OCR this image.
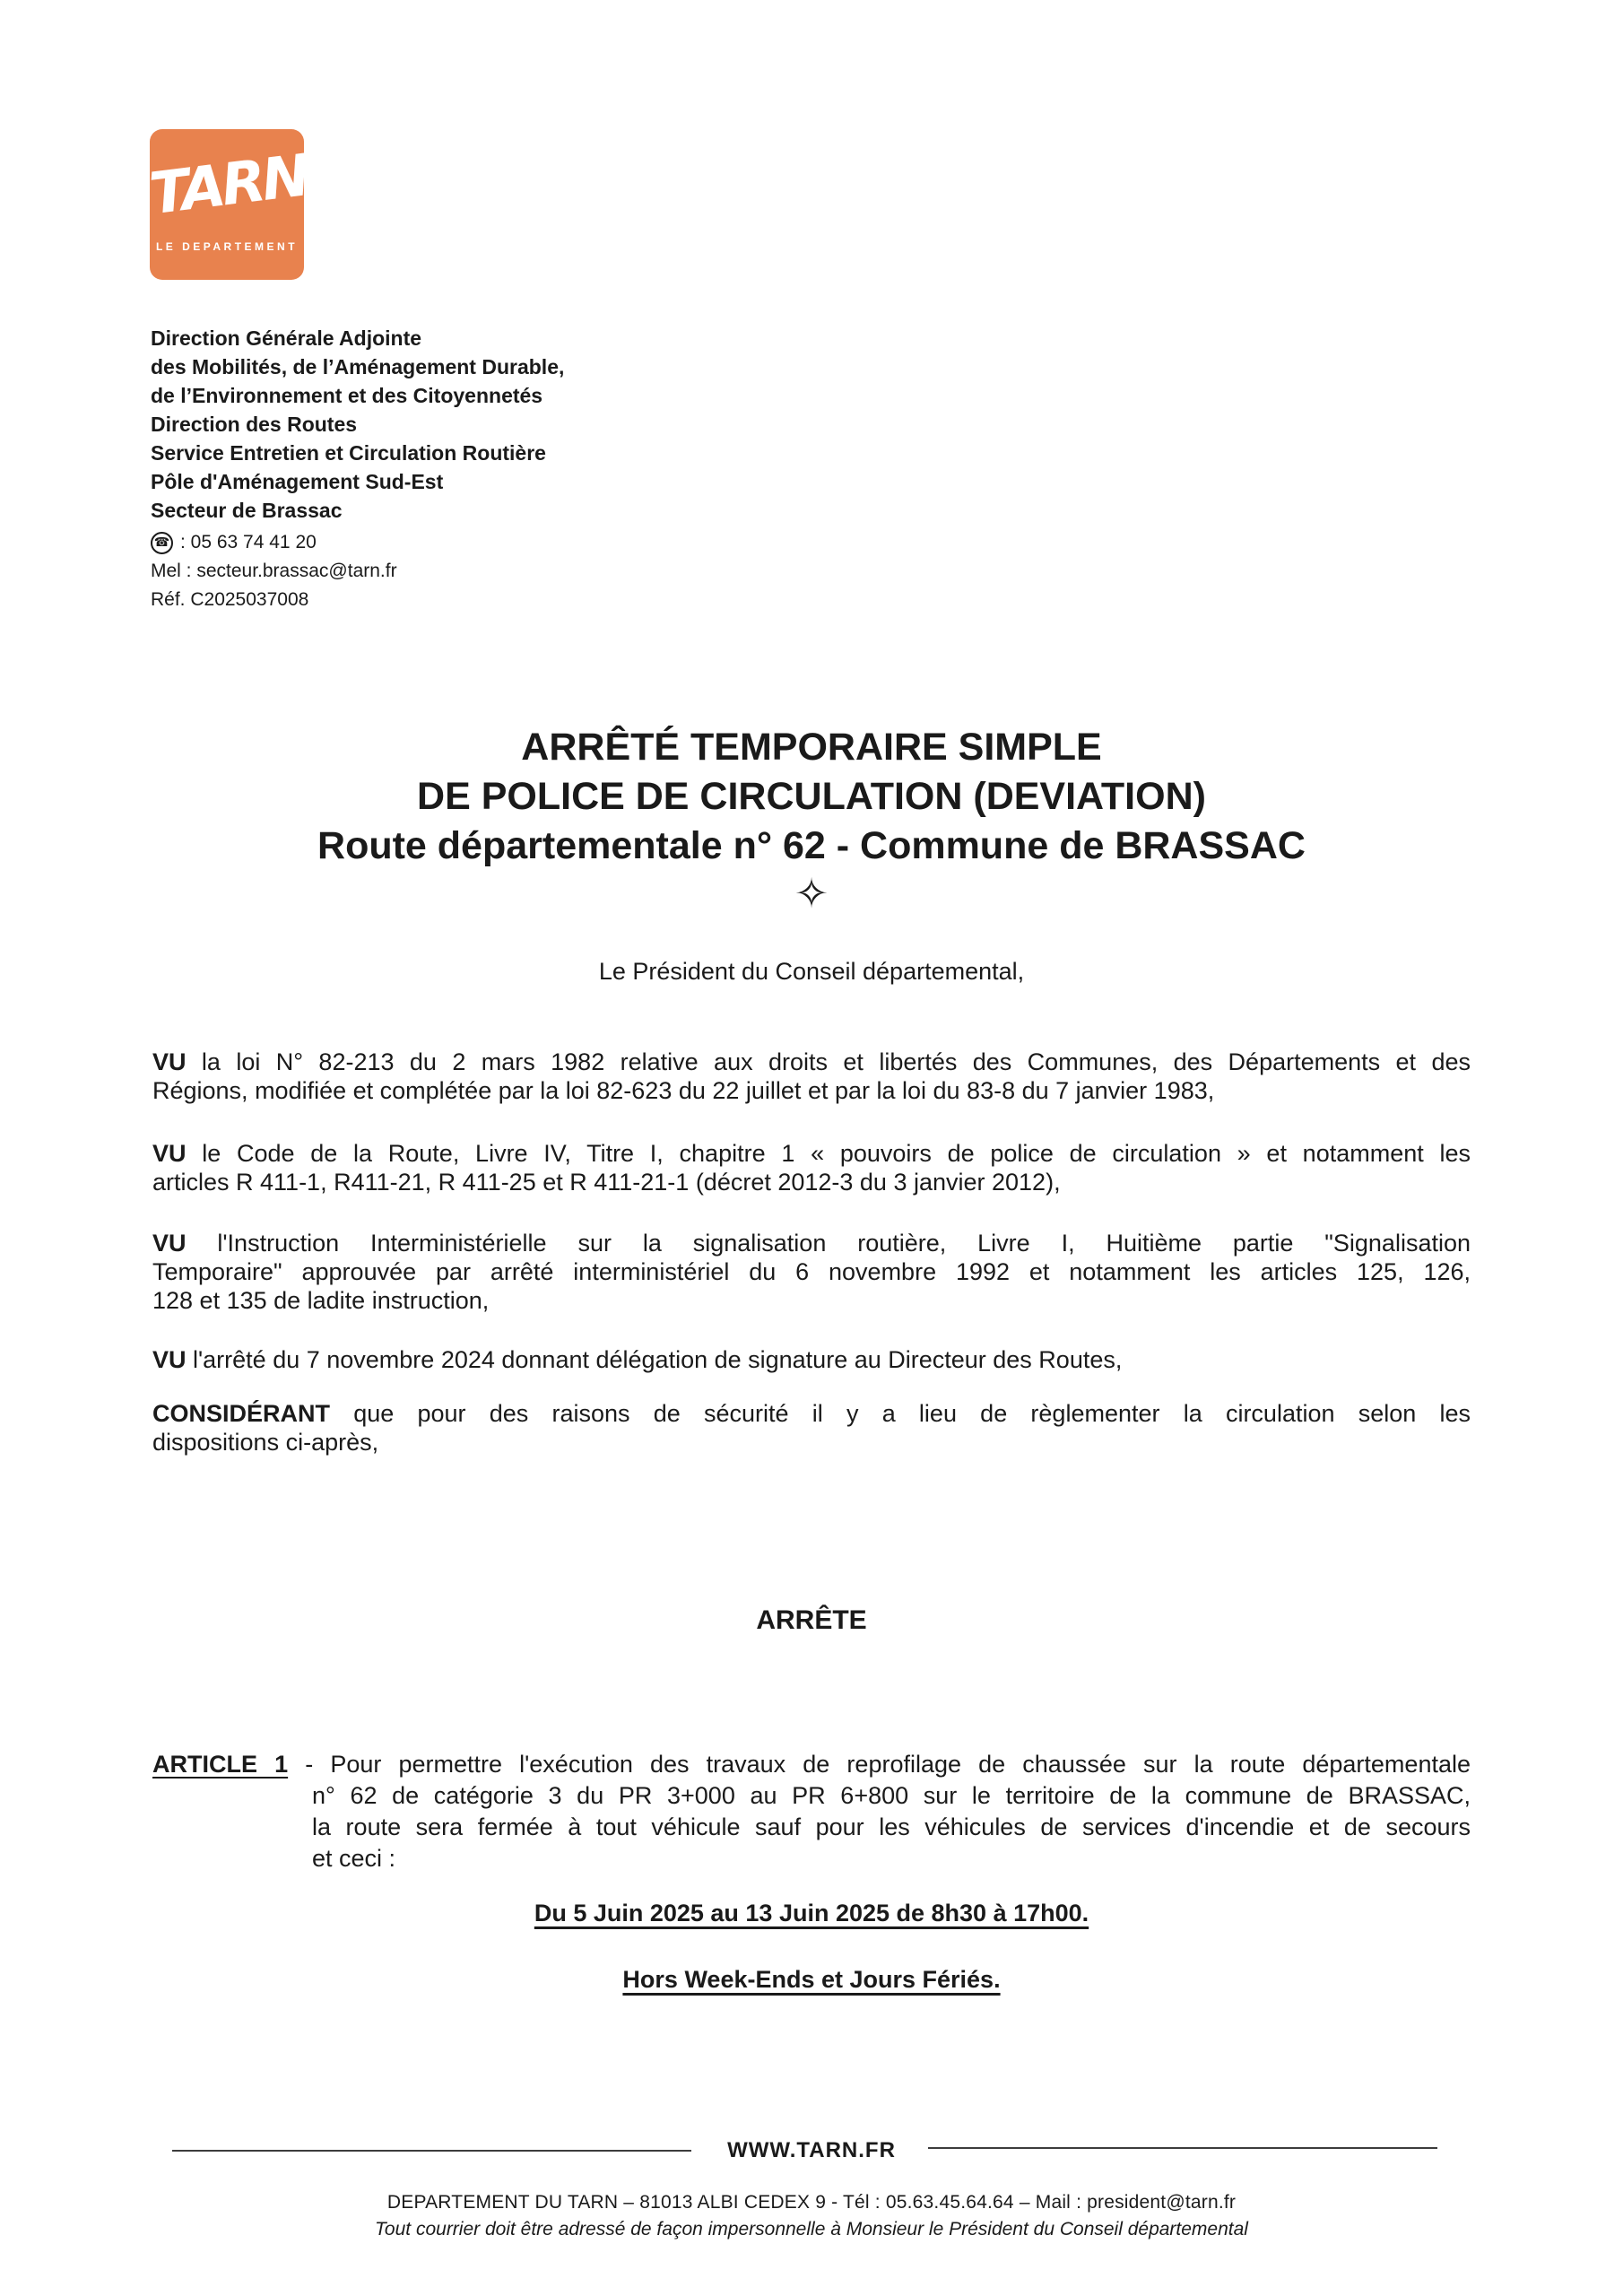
TARN
LE DEPARTEMENT
Direction Générale Adjointe
des Mobilités, de l’Aménagement Durable,
de l’Environnement et des Citoyennetés
Direction des Routes
Service Entretien et Circulation Routière
Pôle d'Aménagement Sud-Est
Secteur de Brassac
☎ : 05 63 74 41 20
Mel : secteur.brassac@tarn.fr
Réf. C2025037008
ARRÊTÉ TEMPORAIRE SIMPLE
DE POLICE DE CIRCULATION (DEVIATION)
Route départementale n° 62 - Commune de BRASSAC
✧
Le Président du Conseil départemental,
VU la loi N° 82-213 du 2 mars 1982 relative aux droits et libertés des Communes, des Départements et des
Régions, modifiée et complétée par la loi 82-623 du 22 juillet et par la loi du 83-8 du 7 janvier 1983,
VU le Code de la Route, Livre IV, Titre I, chapitre 1 « pouvoirs de police de circulation » et notamment les
articles R 411-1, R411-21, R 411-25 et R 411-21-1 (décret 2012-3 du 3 janvier 2012),
VU l'Instruction Interministérielle sur la signalisation routière, Livre I, Huitième partie "Signalisation
Temporaire" approuvée par arrêté interministériel du 6 novembre 1992 et notamment les articles 125, 126,
128 et 135 de ladite instruction,
VU l'arrêté du 7 novembre 2024 donnant délégation de signature au Directeur des Routes,
CONSIDÉRANT que pour des raisons de sécurité il y a lieu de règlementer la circulation selon les
dispositions ci-après,
ARRÊTE
ARTICLE 1 - Pour permettre l'exécution des travaux de reprofilage de chaussée sur la route départementale
n° 62 de catégorie 3 du PR 3+000 au PR 6+800 sur le territoire de la commune de BRASSAC,
la route sera fermée à tout véhicule sauf pour les véhicules de services d'incendie et de secours
et ceci :
Du 5 Juin 2025 au 13 Juin 2025 de 8h30 à 17h00.
Hors Week-Ends et Jours Fériés.
WWW.TARN.FR
DEPARTEMENT DU TARN – 81013 ALBI CEDEX 9 - Tél : 05.63.45.64.64 – Mail : president@tarn.fr
Tout courrier doit être adressé de façon impersonnelle à Monsieur le Président du Conseil départemental
